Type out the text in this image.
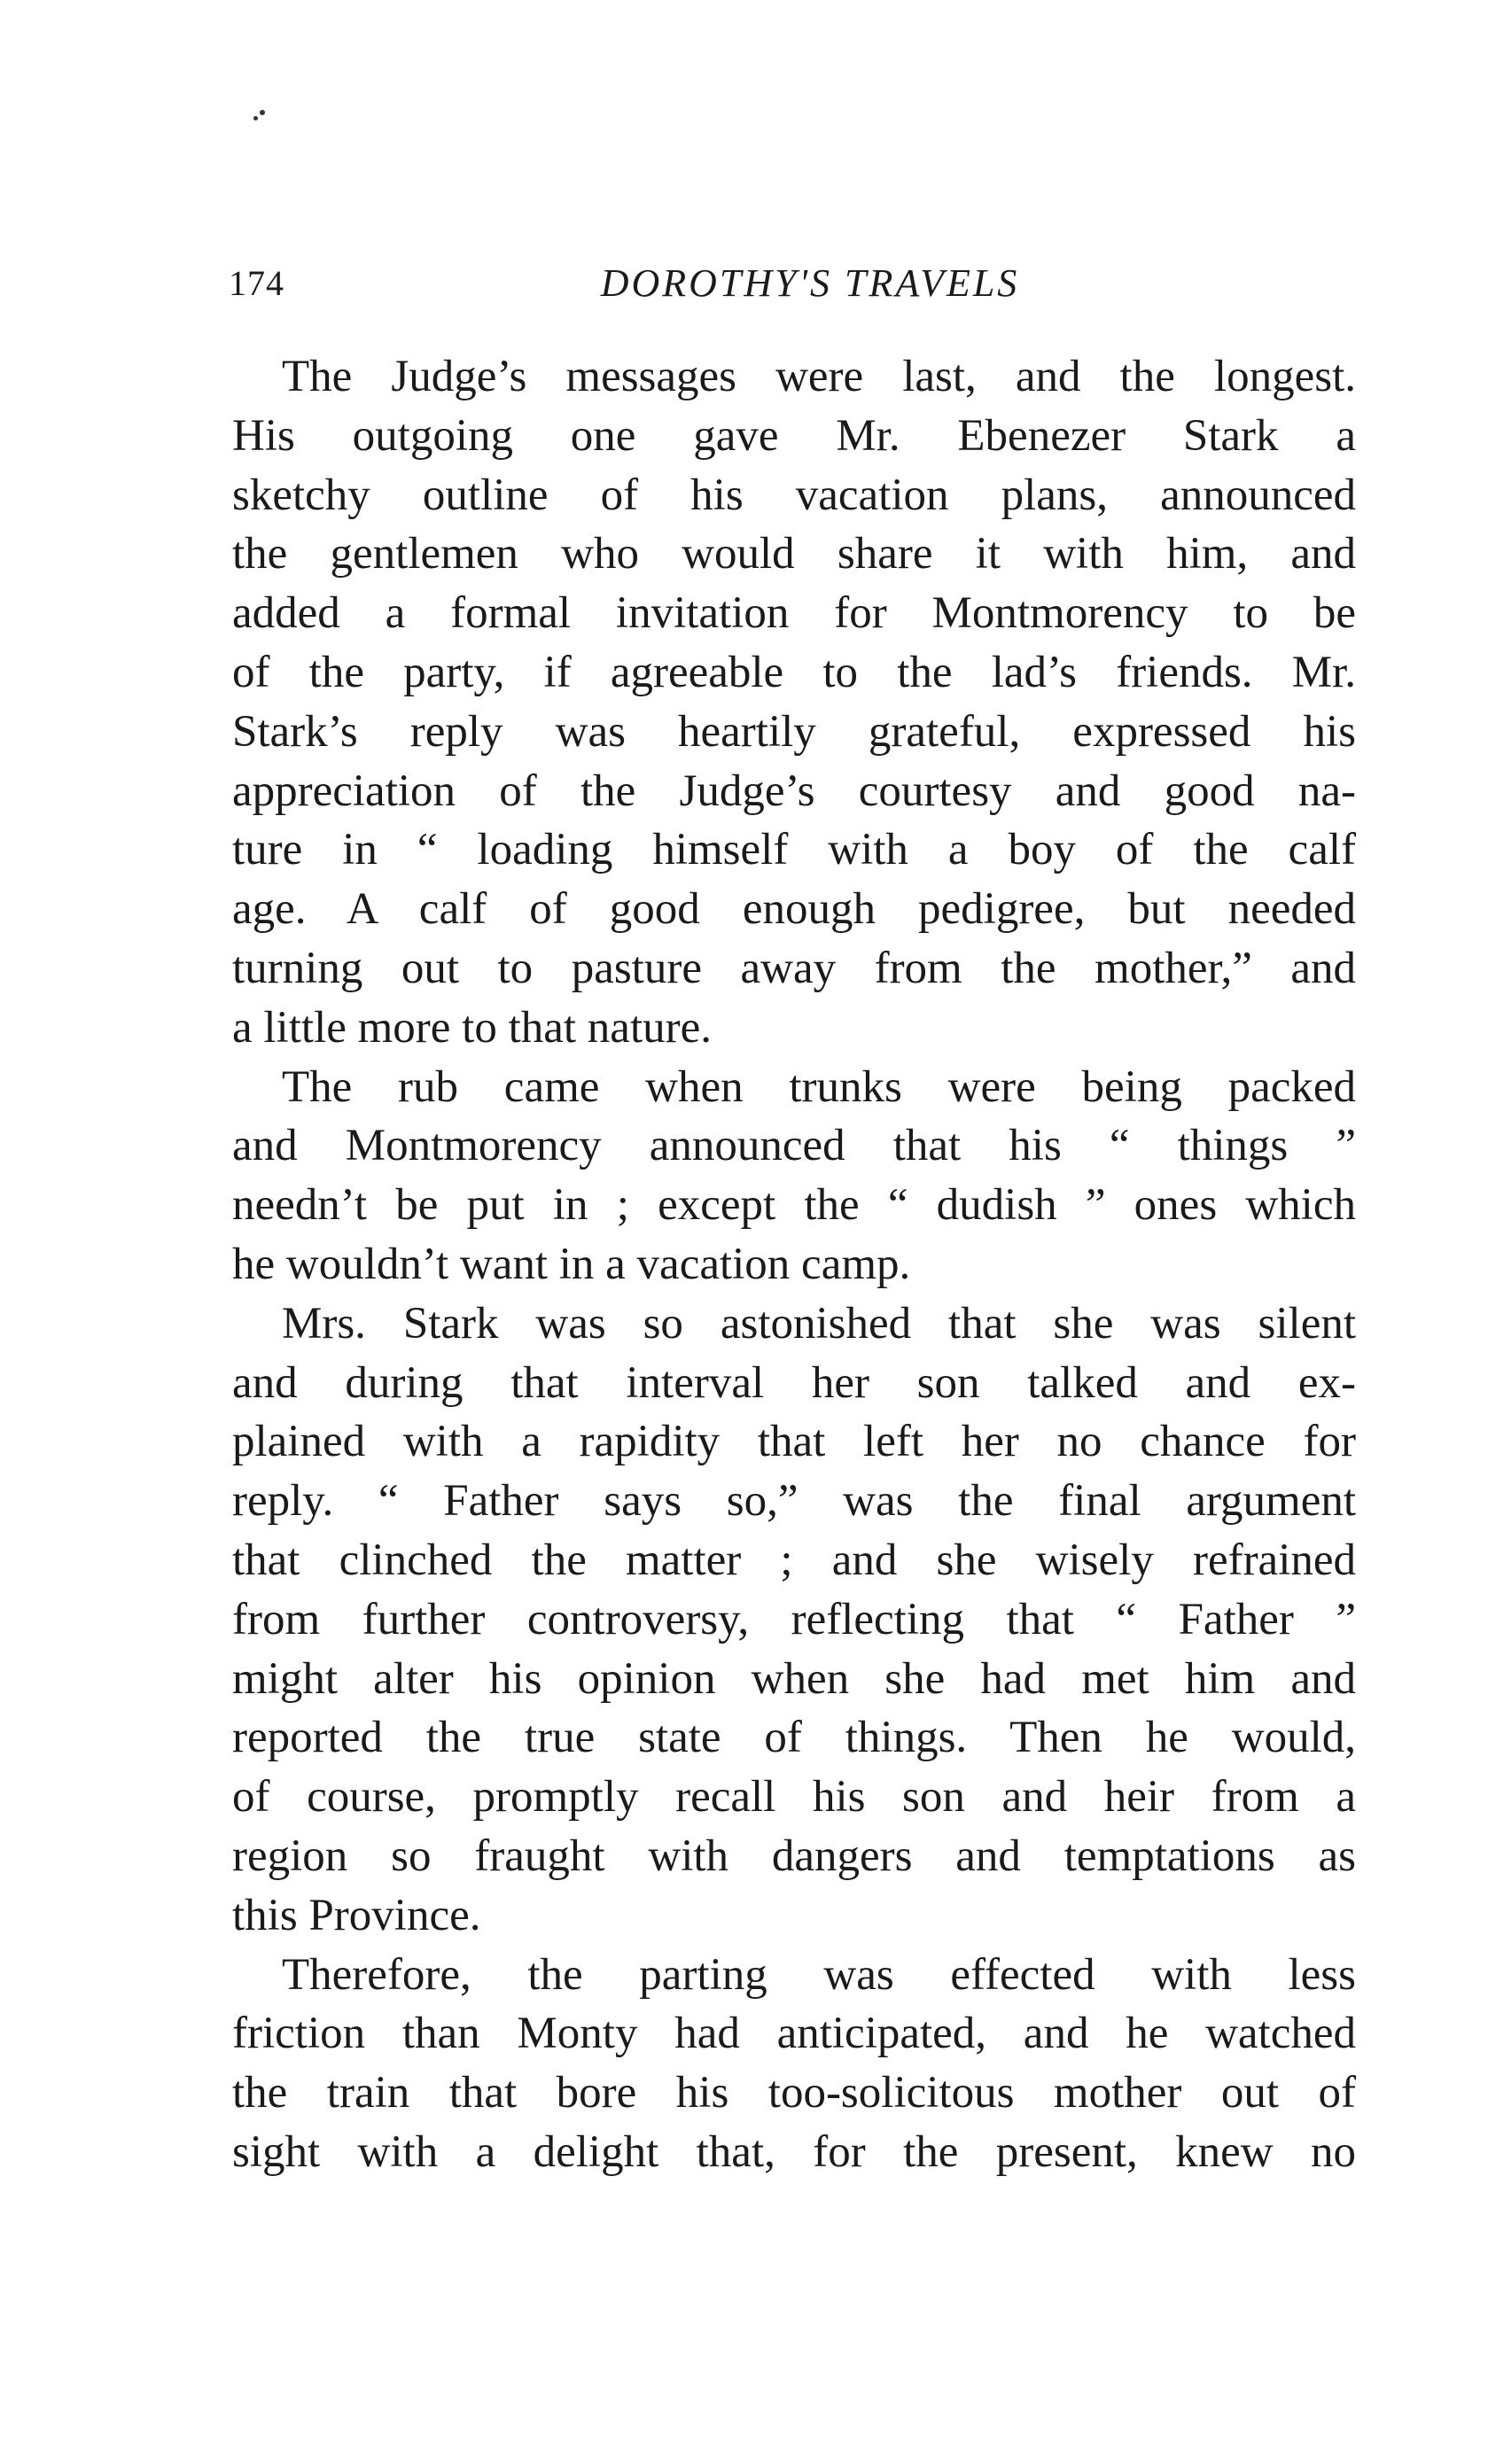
174	DOROTHY'S TRAVELS
The Judge’s messages were last, and the longest.
His outgoing one gave Mr. Ebenezer Stark a
sketchy outline of his vacation plans, announced
the gentlemen who would share it with him, and
added a formal invitation for Montmorency to be
of the party, if agreeable to the lad’s friends. Mr.
Stark’s reply was heartily grateful, expressed his
appreciation of the Judge’s courtesy and good na-
ture in “ loading himself with a boy of the calf
age. A calf of good enough pedigree, but needed
turning out to pasture away from the mother,” and
a little more to that nature.
The rub came when trunks were being packed
and Montmorency announced that his “ things ”
needn’t be put in ; except the “ dudish ” ones which
he wouldn’t want in a vacation camp.
Mrs. Stark was so astonished that she was silent
and during that interval her son talked and ex-
plained with a rapidity that left her no chance for
reply. “ Father says so,” was the final argument
that clinched the matter ; and she wisely refrained
from further controversy, reflecting that “ Father ”
might alter his opinion when she had met him and
reported the true state of things. Then he would,
of course, promptly recall his son and heir from a
region so fraught with dangers and temptations as
this Province.
Therefore, the parting was effected with less
friction than Monty had anticipated, and he watched
the train that bore his too-solicitous mother out of
sight with a delight that, for the present, knew no
